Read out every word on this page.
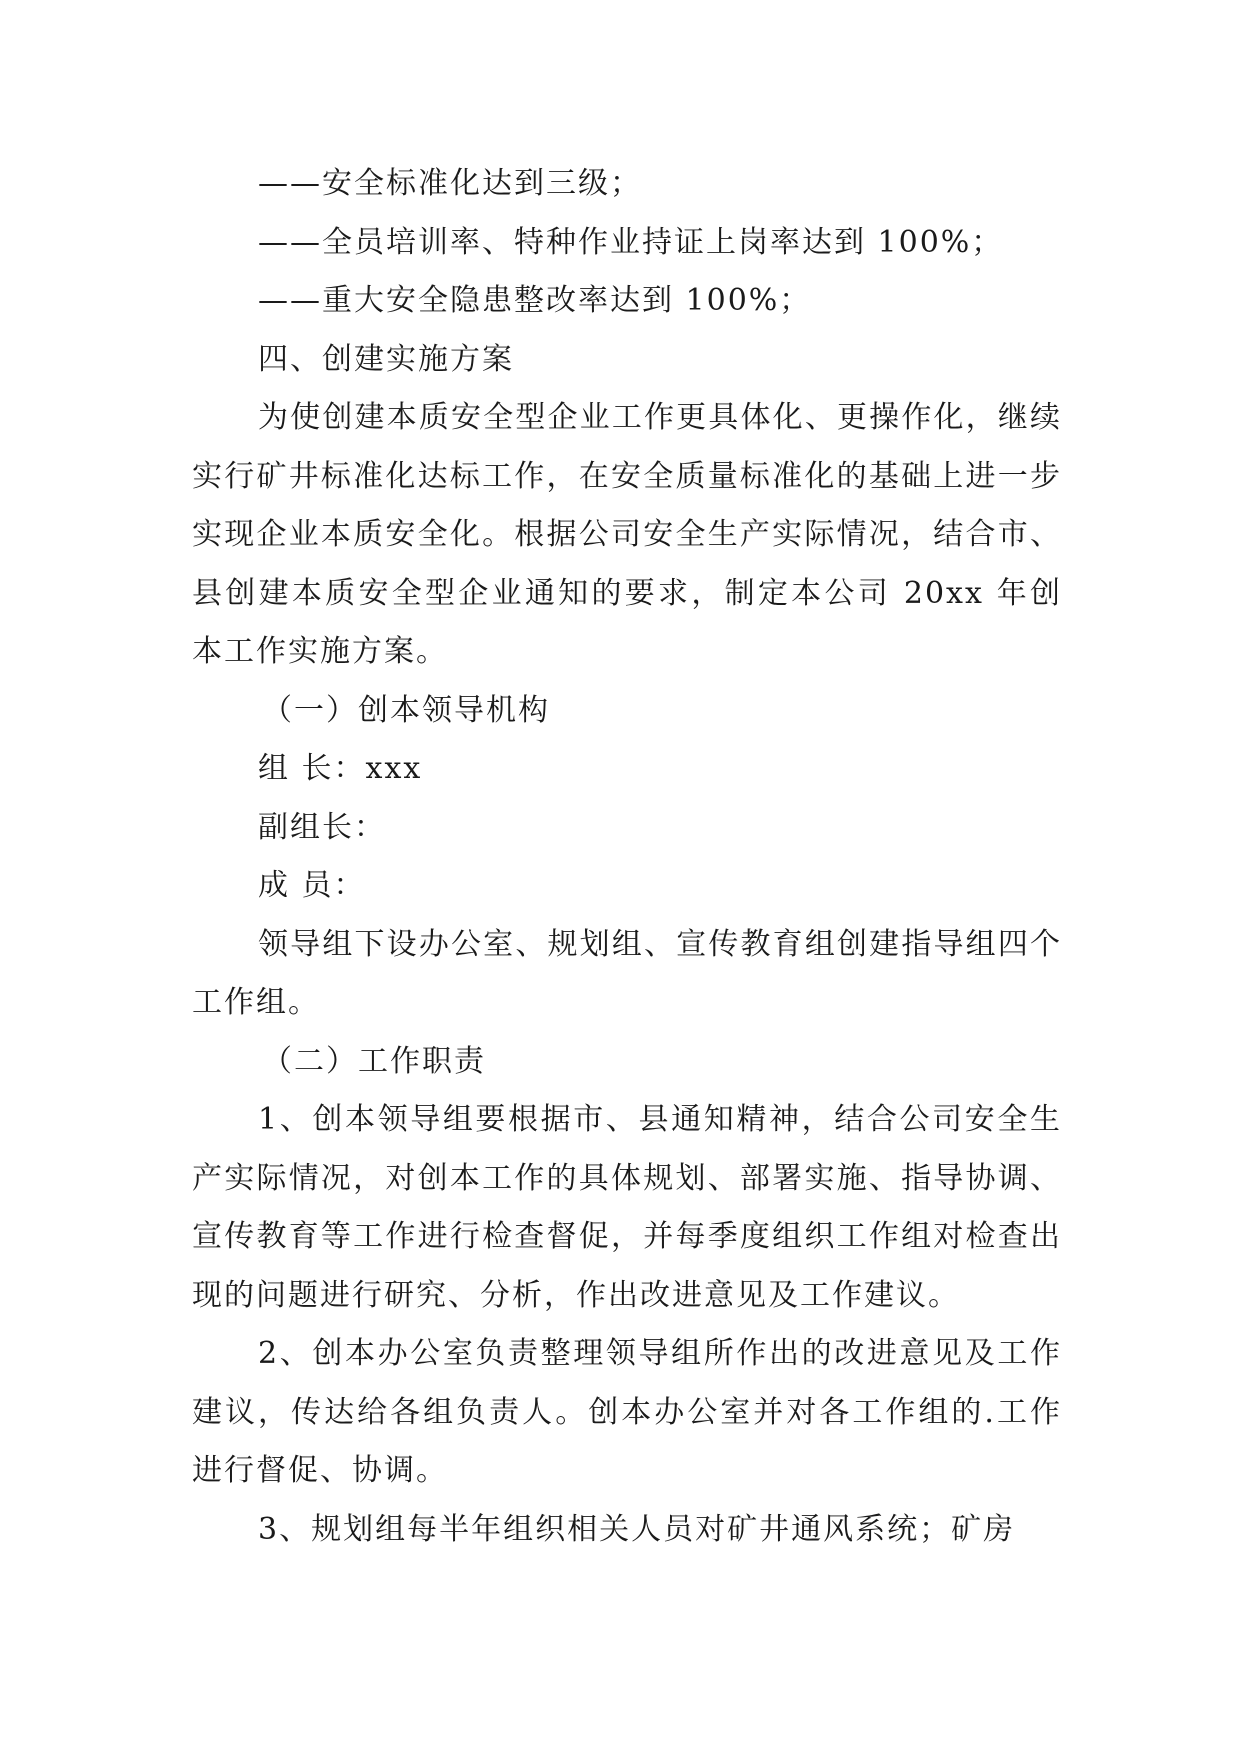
——安全标准化达到三级；
——全员培训率、特种作业持证上岗率达到 100%；
——重大安全隐患整改率达到 100%；
四、创建实施方案
为使创建本质安全型企业工作更具体化、更操作化，继续实行矿井标准化达标工作，在安全质量标准化的基础上进一步实现企业本质安全化。根据公司安全生产实际情况，结合市、县创建本质安全型企业通知的要求，制定本公司 20xx 年创本工作实施方案。
（一）创本领导机构
组 长：xxx
副组长：
成 员：
领导组下设办公室、规划组、宣传教育组创建指导组四个工作组。
（二）工作职责
1、创本领导组要根据市、县通知精神，结合公司安全生产实际情况，对创本工作的具体规划、部署实施、指导协调、宣传教育等工作进行检查督促，并每季度组织工作组对检查出现的问题进行研究、分析，作出改进意见及工作建议。
2、创本办公室负责整理领导组所作出的改进意见及工作建议，传达给各组负责人。创本办公室并对各工作组的.工作进行督促、协调。
3、规划组每半年组织相关人员对矿井通风系统；矿房
